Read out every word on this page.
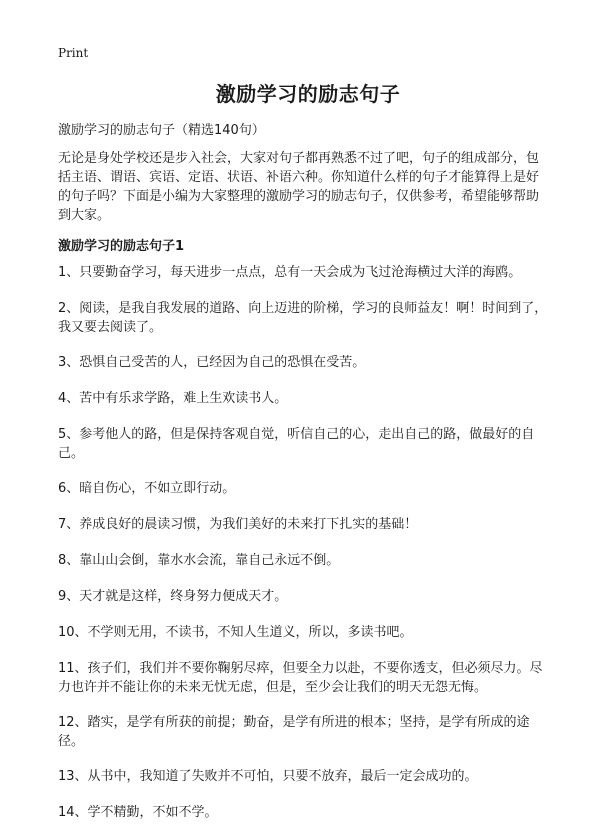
Print
激励学习的励志句子

激励学习的励志句子（精选140句）

无论是身处学校还是步入社会，大家对句子都再熟悉不过了吧，句子的组成部分，包括主语、谓语、宾语、定语、状语、补语六种。你知道什么样的句子才能算得上是好的句子吗？下面是小编为大家整理的激励学习的励志句子，仅供参考，希望能够帮助到大家。

激励学习的励志句子1
1、只要勤奋学习，每天进步一点点，总有一天会成为飞过沧海横过大洋的海鸥。
2、阅读，是我自我发展的道路、向上迈进的阶梯，学习的良师益友！啊！时间到了，我又要去阅读了。
3、恐惧自己受苦的人，已经因为自己的恐惧在受苦。
4、苦中有乐求学路，难上生欢读书人。
5、参考他人的路，但是保持客观自觉，听信自己的心，走出自己的路，做最好的自己。
6、暗自伤心，不如立即行动。
7、养成良好的晨读习惯，为我们美好的未来打下扎实的基础！
8、靠山山会倒，靠水水会流，靠自己永远不倒。
9、天才就是这样，终身努力便成天才。
10、不学则无用，不读书，不知人生道义，所以，多读书吧。
11、孩子们，我们并不要你鞠躬尽瘁，但要全力以赴，不要你透支，但必须尽力。尽力也许并不能让你的未来无忧无虑，但是，至少会让我们的明天无怨无悔。
12、踏实，是学有所获的前提；勤奋，是学有所进的根本；坚持，是学有所成的途径。
13、从书中，我知道了失败并不可怕，只要不放弃，最后一定会成功的。
14、学不精勤，不如不学。
